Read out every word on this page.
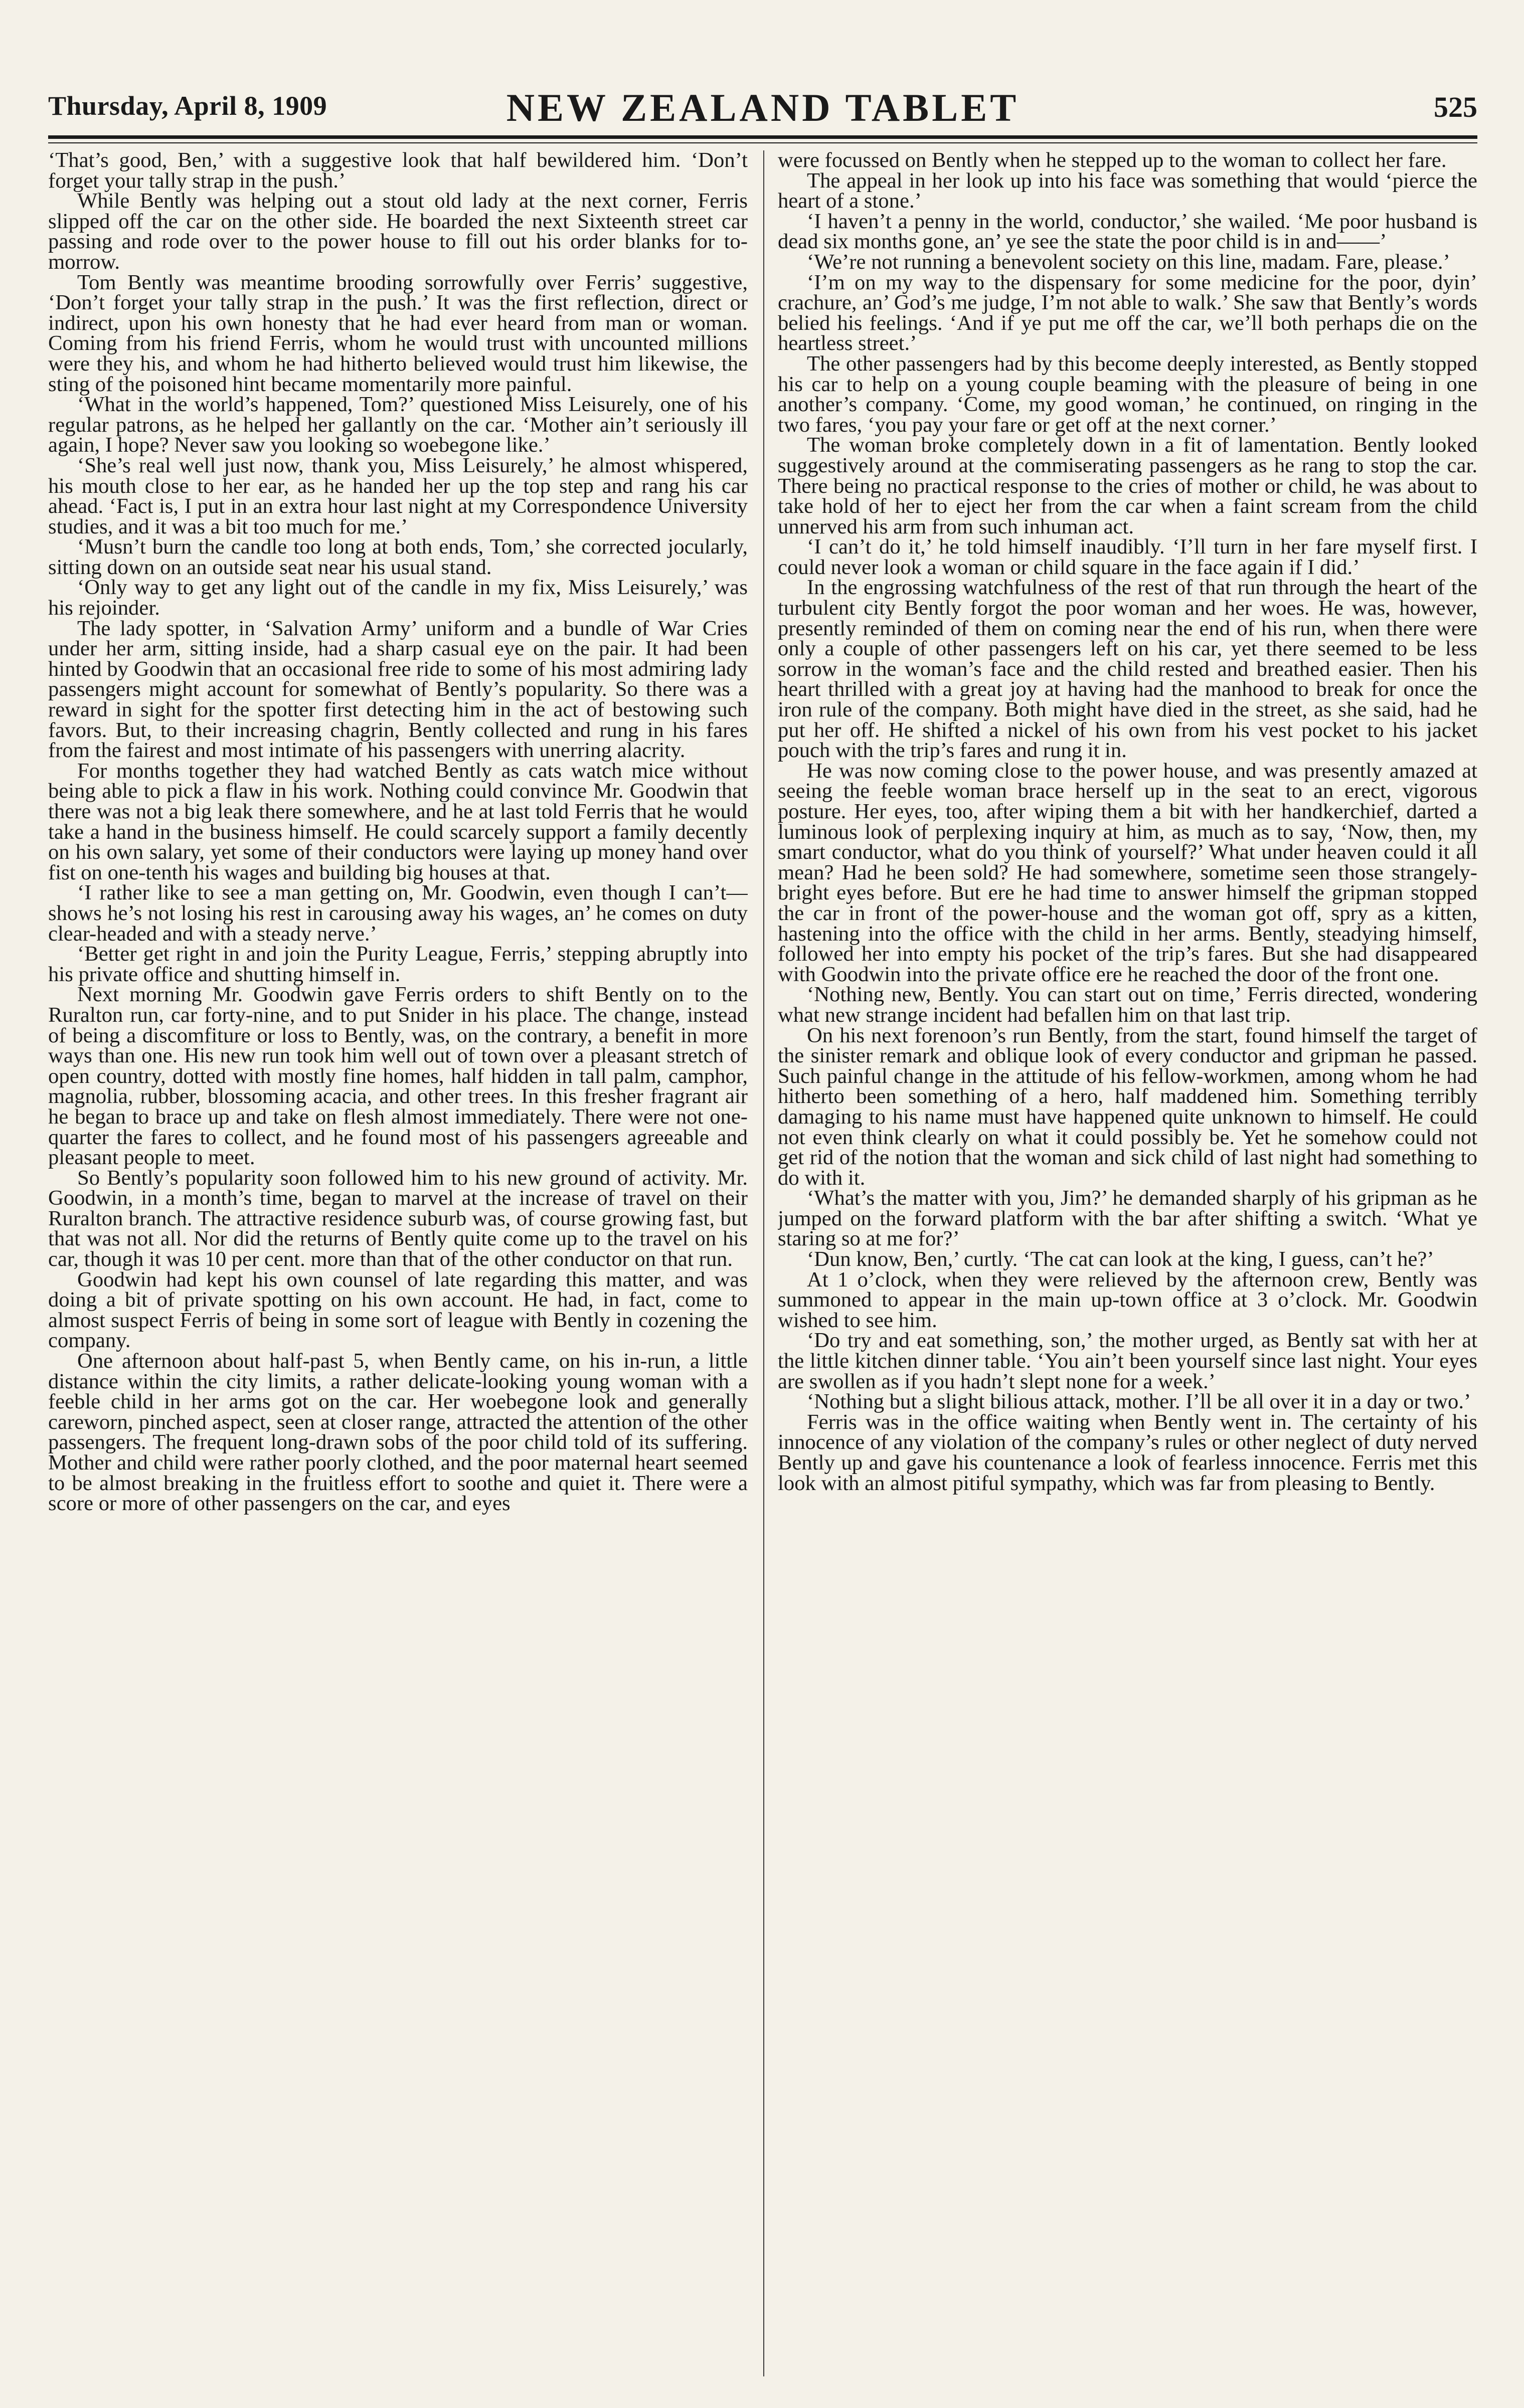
Thursday, April 8, 1909	NEW ZEALAND TABLET	525

‘That’s good, Ben,’ with a suggestive look that half bewildered him. ‘Don’t forget your tally strap in the push.’

While Bently was helping out a stout old lady at the next corner, Ferris slipped off the car on the other side. He boarded the next Sixteenth street car passing and rode over to the power house to fill out his order blanks for to-morrow.

Tom Bently was meantime brooding sorrowfully over Ferris’ suggestive, ‘Don’t forget your tally strap in the push.’ It was the first reflection, direct or indirect, upon his own honesty that he had ever heard from man or woman. Coming from his friend Ferris, whom he would trust with uncounted millions were they his, and whom he had hitherto believed would trust him likewise, the sting of the poisoned hint became momentarily more painful.

‘What in the world’s happened, Tom?’ questioned Miss Leisurely, one of his regular patrons, as he helped her gallantly on the car. ‘Mother ain’t seriously ill again, I hope? Never saw you looking so woebegone like.’

‘She’s real well just now, thank you, Miss Leisurely,’ he almost whispered, his mouth close to her ear, as he handed her up the top step and rang his car ahead. ‘Fact is, I put in an extra hour last night at my Correspondence University studies, and it was a bit too much for me.’

‘Musn’t burn the candle too long at both ends, Tom,’ she corrected jocularly, sitting down on an outside seat near his usual stand.

‘Only way to get any light out of the candle in my fix, Miss Leisurely,’ was his rejoinder.

The lady spotter, in ‘Salvation Army’ uniform and a bundle of War Cries under her arm, sitting inside, had a sharp casual eye on the pair. It had been hinted by Goodwin that an occasional free ride to some of his most admiring lady passengers might account for somewhat of Bently’s popularity. So there was a reward in sight for the spotter first detecting him in the act of bestowing such favors. But, to their increasing chagrin, Bently collected and rung in his fares from the fairest and most intimate of his passengers with unerring alacrity.

For months together they had watched Bently as cats watch mice without being able to pick a flaw in his work. Nothing could convince Mr. Goodwin that there was not a big leak there somewhere, and he at last told Ferris that he would take a hand in the business himself. He could scarcely support a family decently on his own salary, yet some of their conductors were laying up money hand over fist on one-tenth his wages and building big houses at that.

‘I rather like to see a man getting on, Mr. Goodwin, even though I can’t—shows he’s not losing his rest in carousing away his wages, an’ he comes on duty clear-headed and with a steady nerve.’

‘Better get right in and join the Purity League, Ferris,’ stepping abruptly into his private office and shutting himself in.

Next morning Mr. Goodwin gave Ferris orders to shift Bently on to the Ruralton run, car forty-nine, and to put Snider in his place. The change, instead of being a discomfiture or loss to Bently, was, on the contrary, a benefit in more ways than one. His new run took him well out of town over a pleasant stretch of open country, dotted with mostly fine homes, half hidden in tall palm, camphor, magnolia, rubber, blossoming acacia, and other trees. In this fresher fragrant air he began to brace up and take on flesh almost immediately. There were not one-quarter the fares to collect, and he found most of his passengers agreeable and pleasant people to meet.

So Bently’s popularity soon followed him to his new ground of activity. Mr. Goodwin, in a month’s time, began to marvel at the increase of travel on their Ruralton branch. The attractive residence suburb was, of course growing fast, but that was not all. Nor did the returns of Bently quite come up to the travel on his car, though it was 10 per cent. more than that of the other conductor on that run.

Goodwin had kept his own counsel of late regarding this matter, and was doing a bit of private spotting on his own account. He had, in fact, come to almost suspect Ferris of being in some sort of league with Bently in cozening the company.

One afternoon about half-past 5, when Bently came, on his in-run, a little distance within the city limits, a rather delicate-looking young woman with a feeble child in her arms got on the car. Her woebegone look and generally careworn, pinched aspect, seen at closer range, attracted the attention of the other passengers. The frequent long-drawn sobs of the poor child told of its suffering. Mother and child were rather poorly clothed, and the poor maternal heart seemed to be almost breaking in the fruitless effort to soothe and quiet it. There were a score or more of other passengers on the car, and eyes

were focussed on Bently when he stepped up to the woman to collect her fare.

The appeal in her look up into his face was something that would ‘pierce the heart of a stone.’

‘I haven’t a penny in the world, conductor,’ she wailed. ‘Me poor husband is dead six months gone, an’ ye see the state the poor child is in and——’

‘We’re not running a benevolent society on this line, madam. Fare, please.’

‘I’m on my way to the dispensary for some medicine for the poor, dyin’ crachure, an’ God’s me judge, I’m not able to walk.’ She saw that Bently’s words belied his feelings. ‘And if ye put me off the car, we’ll both perhaps die on the heartless street.’

The other passengers had by this become deeply interested, as Bently stopped his car to help on a young couple beaming with the pleasure of being in one another’s company. ‘Come, my good woman,’ he continued, on ringing in the two fares, ‘you pay your fare or get off at the next corner.’

The woman broke completely down in a fit of lamentation. Bently looked suggestively around at the commiserating passengers as he rang to stop the car. There being no practical response to the cries of mother or child, he was about to take hold of her to eject her from the car when a faint scream from the child unnerved his arm from such inhuman act.

‘I can’t do it,’ he told himself inaudibly. ‘I’ll turn in her fare myself first. I could never look a woman or child square in the face again if I did.’

In the engrossing watchfulness of the rest of that run through the heart of the turbulent city Bently forgot the poor woman and her woes. He was, however, presently reminded of them on coming near the end of his run, when there were only a couple of other passengers left on his car, yet there seemed to be less sorrow in the woman’s face and the child rested and breathed easier. Then his heart thrilled with a great joy at having had the manhood to break for once the iron rule of the company. Both might have died in the street, as she said, had he put her off. He shifted a nickel of his own from his vest pocket to his jacket pouch with the trip’s fares and rung it in.

He was now coming close to the power house, and was presently amazed at seeing the feeble woman brace herself up in the seat to an erect, vigorous posture. Her eyes, too, after wiping them a bit with her handkerchief, darted a luminous look of perplexing inquiry at him, as much as to say, ‘Now, then, my smart conductor, what do you think of yourself?’ What under heaven could it all mean? Had he been sold? He had somewhere, sometime seen those strangely-bright eyes before. But ere he had time to answer himself the gripman stopped the car in front of the power-house and the woman got off, spry as a kitten, hastening into the office with the child in her arms. Bently, steadying himself, followed her into empty his pocket of the trip’s fares. But she had disappeared with Goodwin into the private office ere he reached the door of the front one.

‘Nothing new, Bently. You can start out on time,’ Ferris directed, wondering what new strange incident had befallen him on that last trip.

On his next forenoon’s run Bently, from the start, found himself the target of the sinister remark and oblique look of every conductor and gripman he passed. Such painful change in the attitude of his fellow-workmen, among whom he had hitherto been something of a hero, half maddened him. Something terribly damaging to his name must have happened quite unknown to himself. He could not even think clearly on what it could possibly be. Yet he somehow could not get rid of the notion that the woman and sick child of last night had something to do with it.

‘What’s the matter with you, Jim?’ he demanded sharply of his gripman as he jumped on the forward platform with the bar after shifting a switch. ‘What ye staring so at me for?’

‘Dun know, Ben,’ curtly. ‘The cat can look at the king, I guess, can’t he?’

At 1 o’clock, when they were relieved by the afternoon crew, Bently was summoned to appear in the main up-town office at 3 o’clock. Mr. Goodwin wished to see him.

‘Do try and eat something, son,’ the mother urged, as Bently sat with her at the little kitchen dinner table. ‘You ain’t been yourself since last night. Your eyes are swollen as if you hadn’t slept none for a week.’

‘Nothing but a slight bilious attack, mother. I’ll be all over it in a day or two.’

Ferris was in the office waiting when Bently went in. The certainty of his innocence of any violation of the company’s rules or other neglect of duty nerved Bently up and gave his countenance a look of fearless innocence. Ferris met this look with an almost pitiful sympathy, which was far from pleasing to Bently.
